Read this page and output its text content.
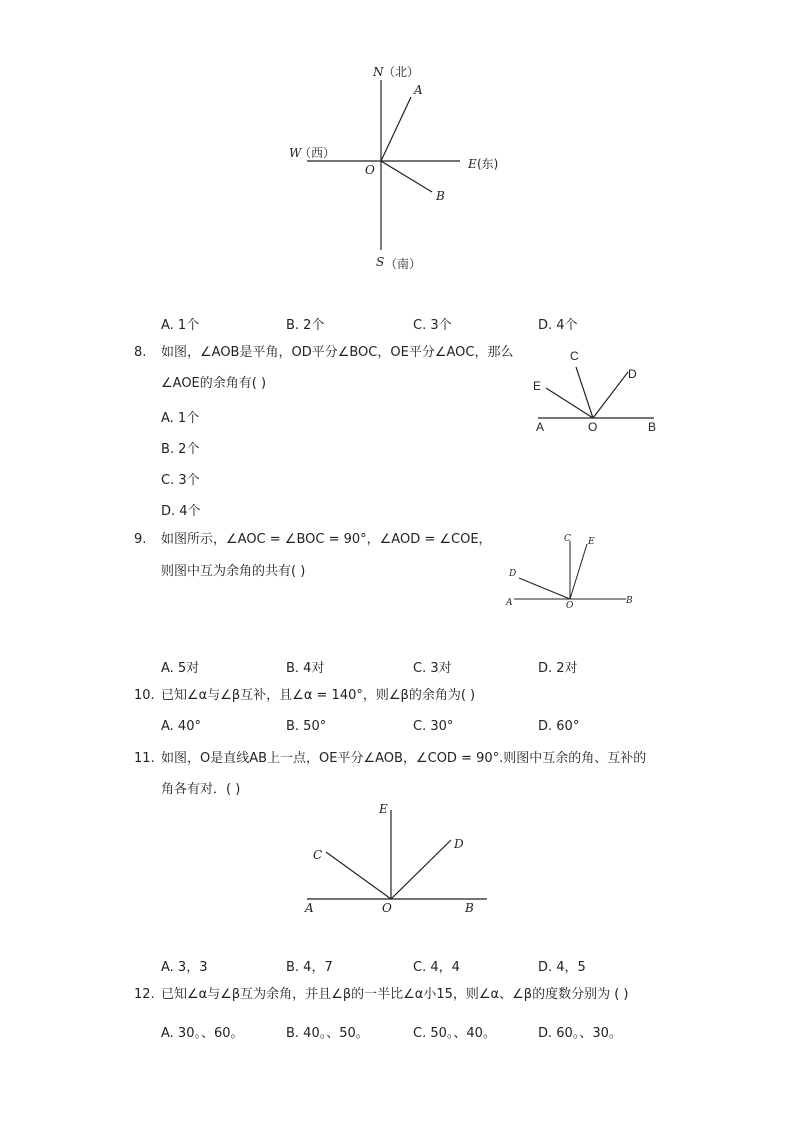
N （北）
W
（西）
E (东)
S （南）
O
A
B
A. 1个	B. 2个	C. 3个	D. 4个
8. 如图，∠AOB是平角，OD平分∠BOC，OE平分∠AOC，那么
∠AOE的余角有( )
A. 1个
B. 2个
C. 3个
D. 4个
C
D
E
A	O	B
9. 如图所示，∠AOC = ∠BOC = 90°，∠AOD = ∠COE，
则图中互为余角的共有( )
C E
D
A	O	B
A. 5对	B. 4对	C. 3对	D. 2对
10. 已知∠α与∠β互补，且∠α = 140°，则∠β的余角为( )
A. 40°	B. 50°	C. 30°	D. 60°
11. 如图，O是直线AB上一点，OE平分∠AOB，∠COD = 90°.则图中互余的角、互补的
角各有对．( )
E
C
D
A	O	B
A. 3，3	B. 4，7	C. 4，4	D. 4，5
12. 已知∠α与∠β互为余角，并且∠β的一半比∠α小15，则∠α、∠β的度数分别为 ( )
A. 30。、60。	B. 40。、50。	C. 50。、40。	D. 60。、30。
